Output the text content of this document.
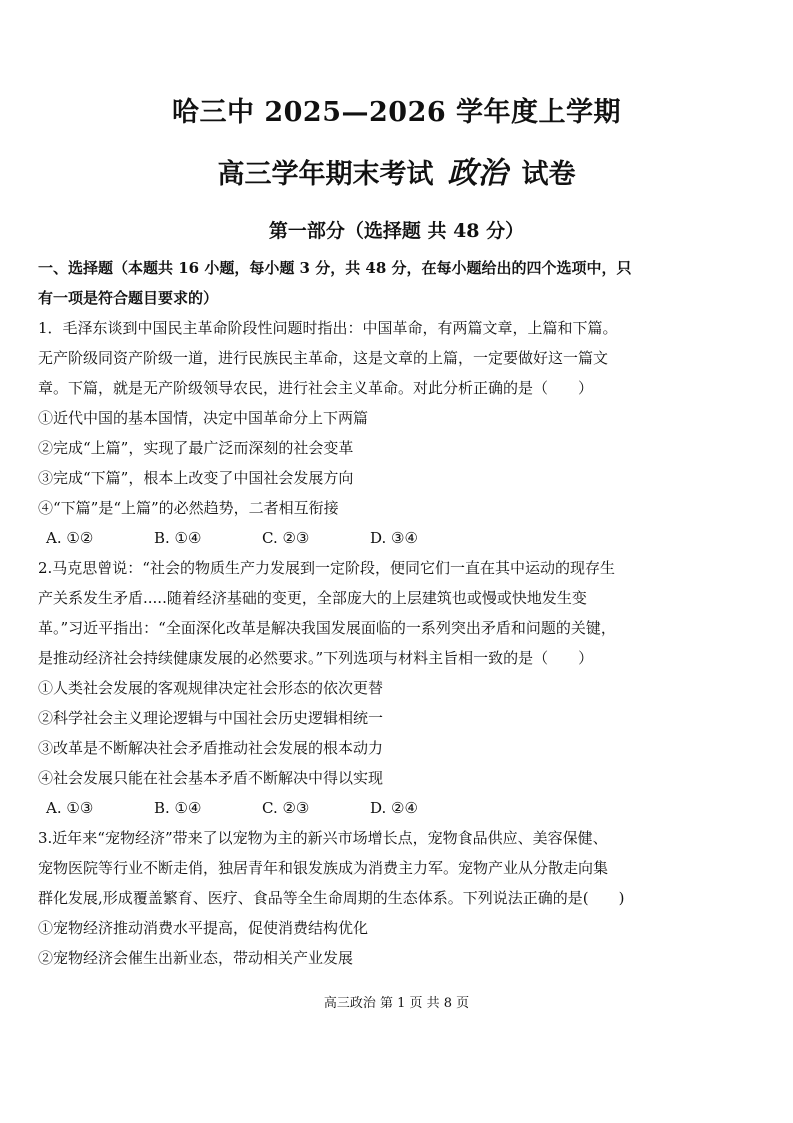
哈三中 2025—2026 学年度上学期
高三学年期末考试 政治 试卷
第一部分（选择题 共 48 分）
一、选择题（本题共 16 小题，每小题 3 分，共 48 分，在每小题给出的四个选项中，只
有一项是符合题目要求的）
1．毛泽东谈到中国民主革命阶段性问题时指出：中国革命，有两篇文章，上篇和下篇。
无产阶级同资产阶级一道，进行民族民主革命，这是文章的上篇，一定要做好这一篇文
章。下篇，就是无产阶级领导农民，进行社会主义革命。对此分析正确的是（　　）
①近代中国的基本国情，决定中国革命分上下两篇
②完成“上篇”，实现了最广泛而深刻的社会变革
③完成“下篇”，根本上改变了中国社会发展方向
④“下篇”是“上篇”的必然趋势，二者相互衔接
A. ①②	B. ①④	C. ②③	D. ③④
2.马克思曾说：“社会的物质生产力发展到一定阶段，便同它们一直在其中运动的现存生
产关系发生矛盾.....随着经济基础的变更，全部庞大的上层建筑也或慢或快地发生变
革。”习近平指出：“全面深化改革是解决我国发展面临的一系列突出矛盾和问题的关键，
是推动经济社会持续健康发展的必然要求。”下列选项与材料主旨相一致的是（　　）
①人类社会发展的客观规律决定社会形态的依次更替
②科学社会主义理论逻辑与中国社会历史逻辑相统一
③改革是不断解决社会矛盾推动社会发展的根本动力
④社会发展只能在社会基本矛盾不断解决中得以实现
A. ①③	B. ①④	C. ②③	D. ②④
3.近年来“宠物经济”带来了以宠物为主的新兴市场增长点，宠物食品供应、美容保健、
宠物医院等行业不断走俏，独居青年和银发族成为消费主力军。宠物产业从分散走向集
群化发展,形成覆盖繁育、医疗、食品等全生命周期的生态体系。下列说法正确的是(　　)
①宠物经济推动消费水平提高，促使消费结构优化
②宠物经济会催生出新业态，带动相关产业发展
高三政治 第 1 页 共 8 页
